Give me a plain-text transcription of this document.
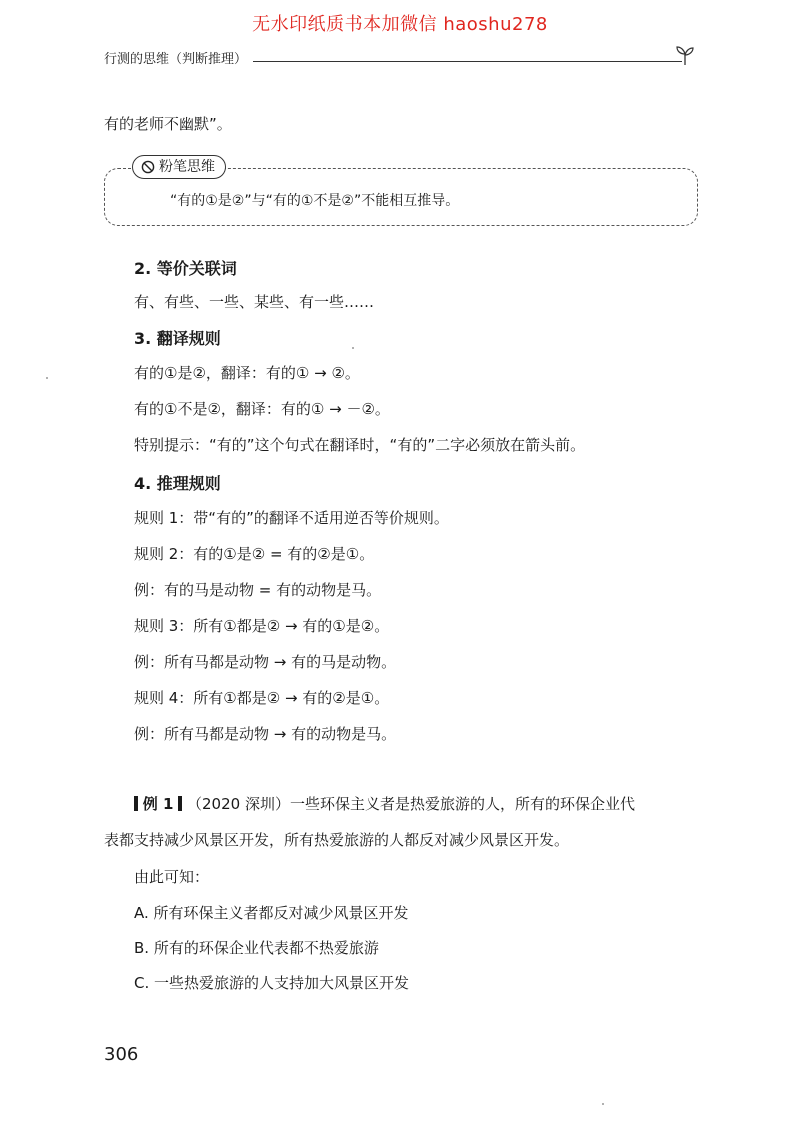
无水印纸质书本加微信 haoshu278
行测的思维（判断推理）
有的老师不幽默”。
粉笔思维
“有的①是②”与“有的①不是②”不能相互推导。
2. 等价关联词
有、有些、一些、某些、有一些……
3. 翻译规则
有的①是②，翻译：有的① → ②。
有的①不是②，翻译：有的① → －②。
特别提示：“有的”这个句式在翻译时，“有的”二字必须放在箭头前。
4. 推理规则
规则 1：带“有的”的翻译不适用逆否等价规则。
规则 2：有的①是② = 有的②是①。
例：有的马是动物 = 有的动物是马。
规则 3：所有①都是② → 有的①是②。
例：所有马都是动物 → 有的马是动物。
规则 4：所有①都是② → 有的②是①。
例：所有马都是动物 → 有的动物是马。
例 1 （2020 深圳）一些环保主义者是热爱旅游的人，所有的环保企业代
表都支持减少风景区开发，所有热爱旅游的人都反对减少风景区开发。
由此可知：
A. 所有环保主义者都反对减少风景区开发
B. 所有的环保企业代表都不热爱旅游
C. 一些热爱旅游的人支持加大风景区开发
306
